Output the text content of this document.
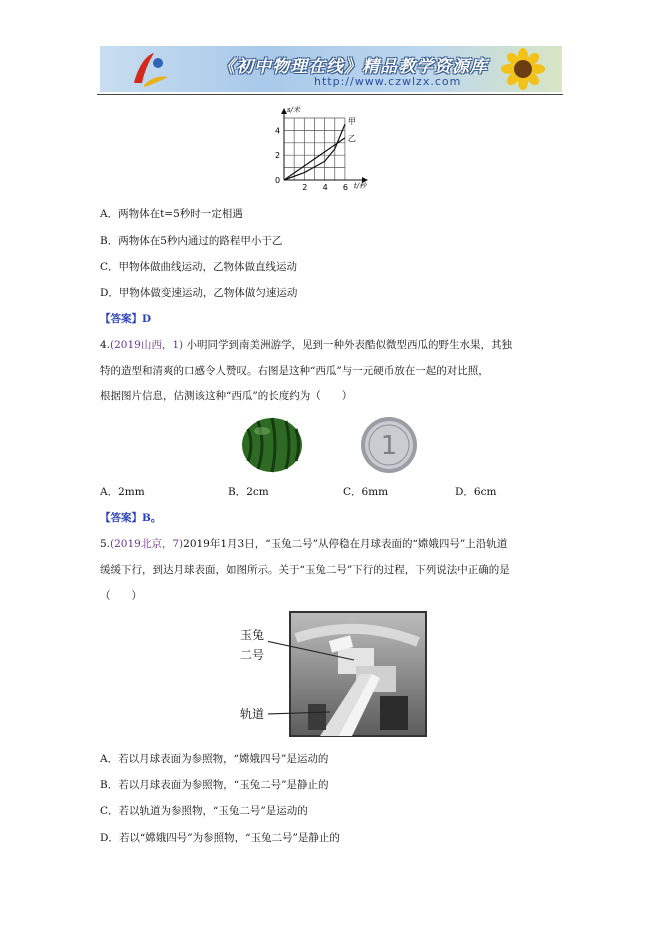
《初中物理在线》精品教学资源库
http://www.czwlzx.com
0
2
4
2 4 6
s/米
t/秒
甲
乙
A．两物体在t=5秒时一定相遇
B．两物体在5秒内通过的路程甲小于乙
C．甲物体做曲线运动，乙物体做直线运动
D．甲物体做变速运动，乙物体做匀速运动
【答案】D
4.(2019山西，1) 小明同学到南美洲游学，见到一种外表酷似微型西瓜的野生水果，其独
特的造型和清爽的口感令人赞叹。右图是这种“西瓜”与一元硬币放在一起的对比照，
根据图片信息，估测该这种“西瓜”的长度约为（　　）
1
A．2mm	B．2cm	C．6mm	D．6cm
【答案】B。
5.(2019北京，7)2019年1月3日，“玉兔二号”从停稳在月球表面的“嫦娥四号”上沿轨道
缓缓下行，到达月球表面，如图所示。关于“玉兔二号”下行的过程，下列说法中正确的是
（　　）
玉兔
二号
轨道
A．若以月球表面为参照物，“嫦娥四号”是运动的
B．若以月球表面为参照物，“玉兔二号”是静止的
C．若以轨道为参照物，“玉兔二号”是运动的
D．若以“嫦娥四号”为参照物，“玉兔二号”是静止的
